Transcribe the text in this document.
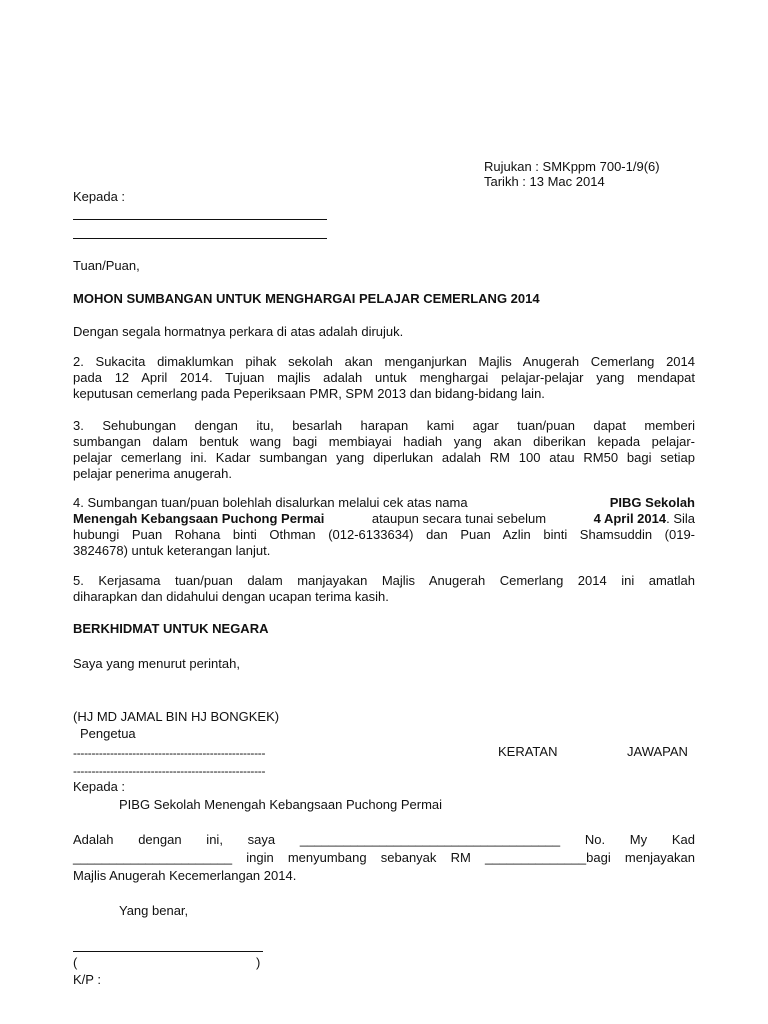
Rujukan : SMKppm 700-1/9(6)
Tarikh : 13 Mac 2014
Kepada :
Tuan/Puan,
MOHON SUMBANGAN UNTUK MENGHARGAI PELAJAR CEMERLANG 2014
Dengan segala hormatnya perkara di atas adalah dirujuk.
2. Sukacita dimaklumkan pihak sekolah akan menganjurkan Majlis Anugerah Cemerlang 2014
pada 12 April 2014. Tujuan majlis adalah untuk menghargai pelajar-pelajar yang mendapat
keputusan cemerlang pada Peperiksaan PMR, SPM 2013 dan bidang-bidang lain.
3. Sehubungan dengan itu, besarlah harapan kami agar tuan/puan dapat memberi
sumbangan dalam bentuk wang bagi membiayai hadiah yang akan diberikan kepada pelajar-
pelajar cemerlang ini. Kadar sumbangan yang diperlukan adalah RM 100 atau RM50 bagi setiap
pelajar penerima anugerah.
4. Sumbangan tuan/puan bolehlah disalurkan melalui cek atas nama	PIBG Sekolah
Menengah Kebangsaan Puchong Permai	ataupun secara tunai sebelum	4 April 2014. Sila
hubungi Puan Rohana binti Othman (012-6133634) dan Puan Azlin binti Shamsuddin (019-
3824678) untuk keterangan lanjut.
5. Kerjasama tuan/puan dalam manjayakan Majlis Anugerah Cemerlang 2014 ini amatlah
diharapkan dan didahului dengan ucapan terima kasih.
BERKHIDMAT UNTUK NEGARA
Saya yang menurut perintah,
(HJ MD JAMAL BIN HJ BONGKEK)
Pengetua
----------------------------------------------------	KERATAN	JAWAPAN
----------------------------------------------------
Kepada :
PIBG Sekolah Menengah Kebangsaan Puchong Permai
Adalah dengan ini, saya ____________________________________ No. My Kad
______________________ ingin menyumbang sebanyak RM ______________bagi menjayakan
Majlis Anugerah Kecemerlangan 2014.
Yang benar,
(	)
K/P :
